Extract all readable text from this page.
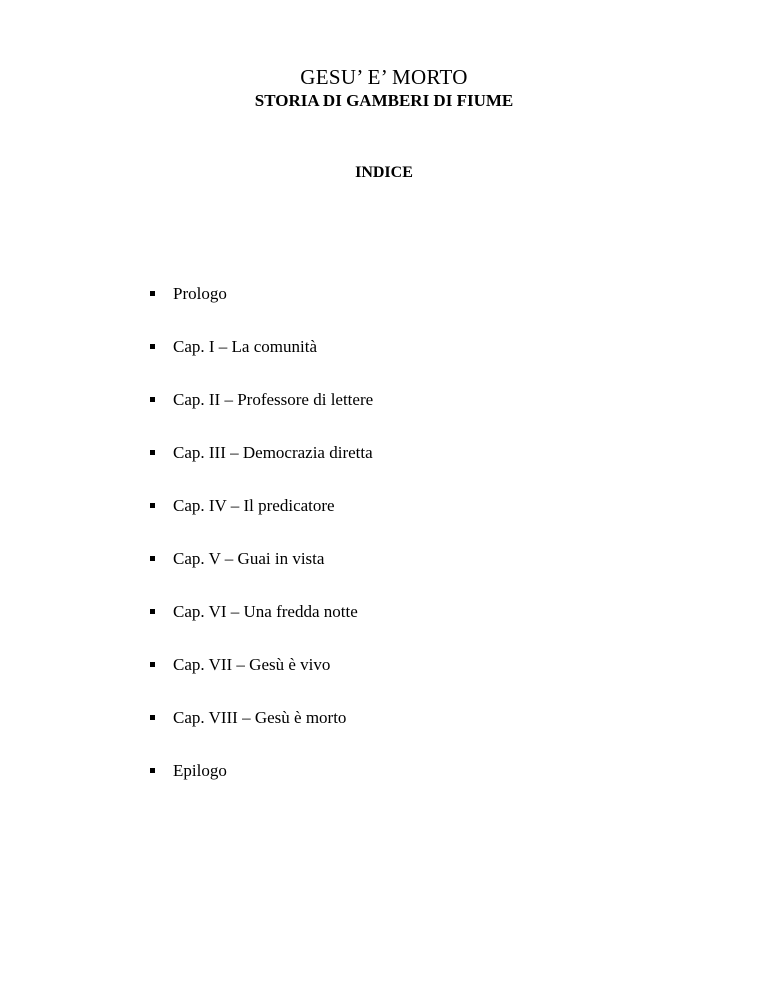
GESU’ E’ MORTO
STORIA DI GAMBERI DI FIUME
INDICE
Prologo
Cap. I – La comunità
Cap. II – Professore di lettere
Cap. III – Democrazia diretta
Cap. IV – Il predicatore
Cap. V – Guai in vista
Cap. VI – Una fredda notte
Cap. VII – Gesù è vivo
Cap. VIII – Gesù è morto
Epilogo
